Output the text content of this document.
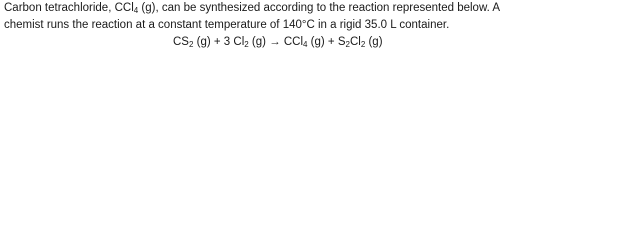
Carbon tetrachloride, CCl$_4$ (g), can be synthesized according to the reaction represented below. A
chemist runs the reaction at a constant temperature of 140°C in a rigid 35.0 L container.
$CS_2$ (g) + 3 $Cl_2$ (g) → CCl$_4$ $(g) + S_2Cl_2$ (g)
